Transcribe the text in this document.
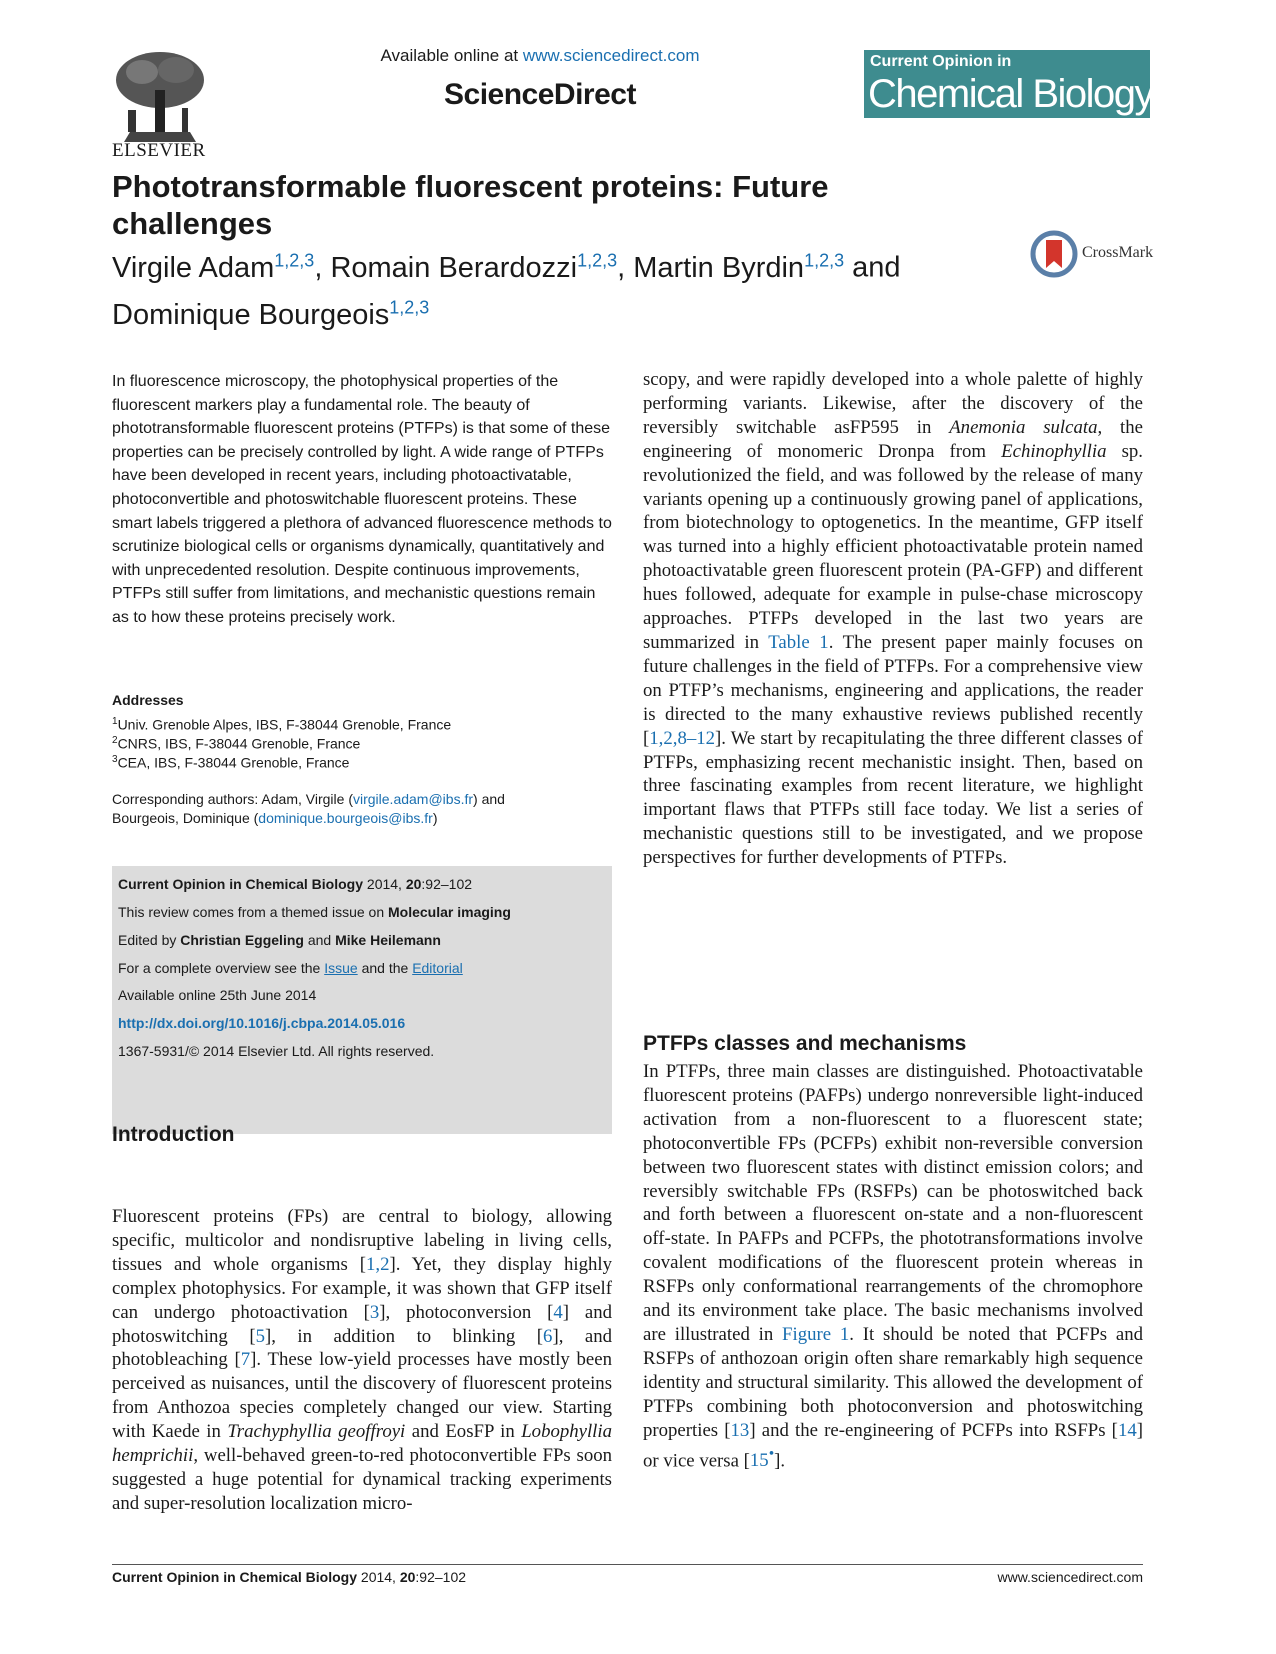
ELSEVIER
Available online at www.sciencedirect.com
ScienceDirect
Current Opinion in
Chemical Biology
Phototransformable fluorescent proteins: Future challenges
Virgile Adam$^{1,2,3}$, Romain Berardozzi$^{1,2,3}$, Martin Byrdin$^{1,2,3}$ and
Dominique Bourgeois$^{1,2,3}$
CrossMark
In fluorescence microscopy, the photophysical properties of the fluorescent markers play a fundamental role. The beauty of phototransformable fluorescent proteins (PTFPs) is that some of these properties can be precisely controlled by light. A wide range of PTFPs have been developed in recent years, including photoactivatable, photoconvertible and photoswitchable fluorescent proteins. These smart labels triggered a plethora of advanced fluorescence methods to scrutinize biological cells or organisms dynamically, quantitatively and with unprecedented resolution. Despite continuous improvements, PTFPs still suffer from limitations, and mechanistic questions remain as to how these proteins precisely work.
Addresses
$^1$Univ. Grenoble Alpes, IBS, F-38044 Grenoble, France
$^2$CNRS, IBS, F-38044 Grenoble, France
$^3$CEA, IBS, F-38044 Grenoble, France
Corresponding authors: Adam, Virgile (virgile.adam@ibs.fr) and
Bourgeois, Dominique (dominique.bourgeois@ibs.fr)
Current Opinion in Chemical Biology 2014, 20:92–102
This review comes from a themed issue on Molecular imaging
Edited by Christian Eggeling and Mike Heilemann
For a complete overview see the Issue and the Editorial
Available online 25th June 2014
http://dx.doi.org/10.1016/j.cbpa.2014.05.016
1367-5931/© 2014 Elsevier Ltd. All rights reserved.
Introduction
Fluorescent proteins (FPs) are central to biology, allowing specific, multicolor and nondisruptive labeling in living cells, tissues and whole organisms [1,2]. Yet, they display highly complex photophysics. For example, it was shown that GFP itself can undergo photoactivation [3], photoconversion [4] and photoswitching [5], in addition to blinking [6], and photobleaching [7]. These low-yield processes have mostly been perceived as nuisances, until the discovery of fluorescent proteins from Anthozoa species completely changed our view. Starting with Kaede in Trachyphyllia geoffroyi and EosFP in Lobophyllia hemprichii, well-behaved green-to-red photoconvertible FPs soon suggested a huge potential for dynamical tracking experiments and super-resolution localization micro-
scopy, and were rapidly developed into a whole palette of highly performing variants. Likewise, after the discovery of the reversibly switchable asFP595 in Anemonia sulcata, the engineering of monomeric Dronpa from Echinophyllia sp. revolutionized the field, and was followed by the release of many variants opening up a continuously growing panel of applications, from biotechnology to optogenetics. In the meantime, GFP itself was turned into a highly efficient photoactivatable protein named photoactivatable green fluorescent protein (PA-GFP) and different hues followed, adequate for example in pulse-chase microscopy approaches. PTFPs developed in the last two years are summarized in Table 1. The present paper mainly focuses on future challenges in the field of PTFPs. For a comprehensive view on PTFP’s mechanisms, engineering and applications, the reader is directed to the many exhaustive reviews published recently [1,2,8–12]. We start by recapitulating the three different classes of PTFPs, emphasizing recent mechanistic insight. Then, based on three fascinating examples from recent literature, we highlight important flaws that PTFPs still face today. We list a series of mechanistic questions still to be investigated, and we propose perspectives for further developments of PTFPs.
PTFPs classes and mechanisms
In PTFPs, three main classes are distinguished. Photoactivatable fluorescent proteins (PAFPs) undergo nonreversible light-induced activation from a non-fluorescent to a fluorescent state; photoconvertible FPs (PCFPs) exhibit non-reversible conversion between two fluorescent states with distinct emission colors; and reversibly switchable FPs (RSFPs) can be photoswitched back and forth between a fluorescent on-state and a non-fluorescent off-state. In PAFPs and PCFPs, the phototransformations involve covalent modifications of the fluorescent protein whereas in RSFPs only conformational rearrangements of the chromophore and its environment take place. The basic mechanisms involved are illustrated in Figure 1. It should be noted that PCFPs and RSFPs of anthozoan origin often share remarkably high sequence identity and structural similarity. This allowed the development of PTFPs combining both photoconversion and photoswitching properties [13] and the re-engineering of PCFPs into RSFPs [14] or vice versa [15•].
Current Opinion in Chemical Biology 2014, 20:92–102	www.sciencedirect.com
